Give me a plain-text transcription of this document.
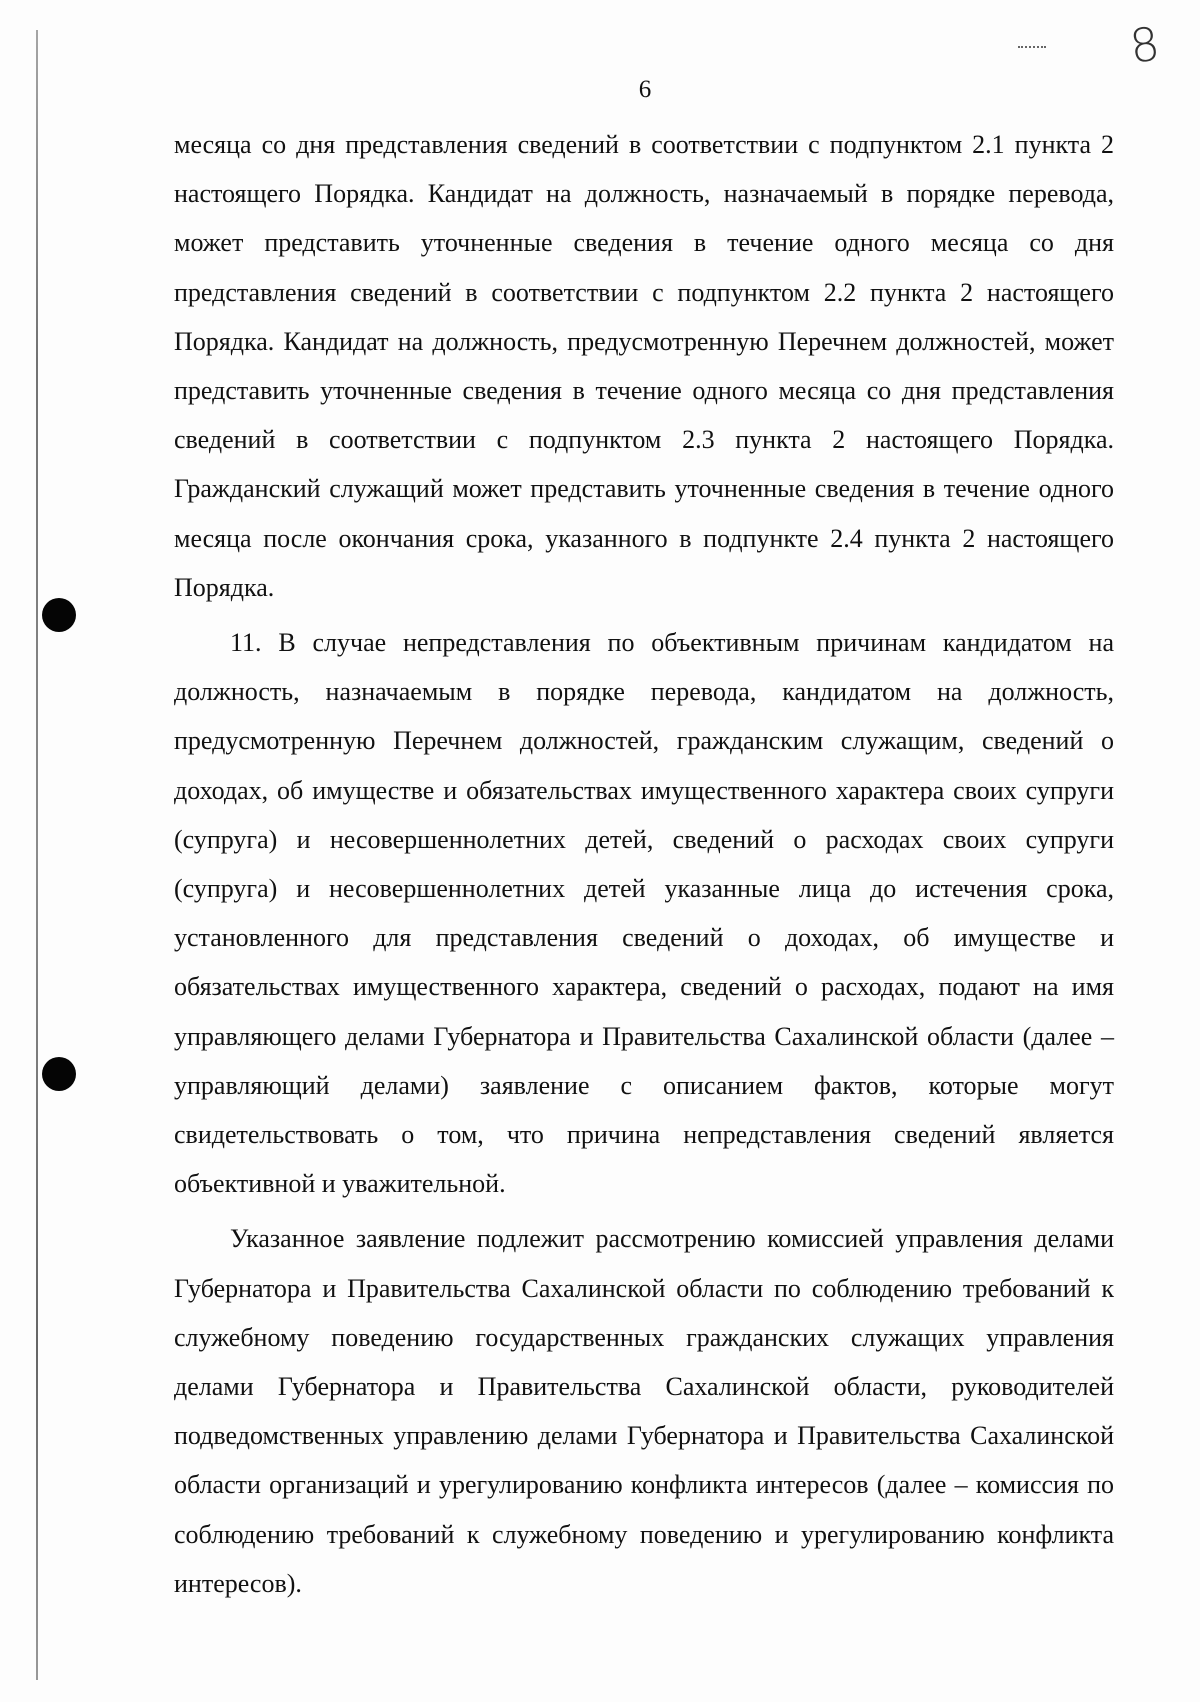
8
6

месяца со дня представления сведений в соответствии с подпунктом 2.1 пункта 2 настоящего Порядка. Кандидат на должность, назначаемый в порядке перевода, может представить уточненные сведения в течение одного месяца со дня представления сведений в соответствии с подпунктом 2.2 пункта 2 настоящего Порядка. Кандидат на должность, предусмотренную Перечнем должностей, может представить уточненные сведения в течение одного месяца со дня представления сведений в соответствии с подпунктом 2.3 пункта 2 настоящего Порядка. Гражданский служащий может представить уточненные сведения в течение одного месяца после окончания срока, указанного в подпункте 2.4 пункта 2 настоящего Порядка.

11. В случае непредставления по объективным причинам кандидатом на должность, назначаемым в порядке перевода, кандидатом на должность, предусмотренную Перечнем должностей, гражданским служащим, сведений о доходах, об имуществе и обязательствах имущественного характера своих супруги (супруга) и несовершеннолетних детей, сведений о расходах своих супруги (супруга) и несовершеннолетних детей указанные лица до истечения срока, установленного для представления сведений о доходах, об имуществе и обязательствах имущественного характера, сведений о расходах, подают на имя управляющего делами Губернатора и Правительства Сахалинской области (далее – управляющий делами) заявление с описанием фактов, которые могут свидетельствовать о том, что причина непредставления сведений является объективной и уважительной.

Указанное заявление подлежит рассмотрению комиссией управления делами Губернатора и Правительства Сахалинской области по соблюдению требований к служебному поведению государственных гражданских служащих управления делами Губернатора и Правительства Сахалинской области, руководителей подведомственных управлению делами Губернатора и Правительства Сахалинской области организаций и урегулированию конфликта интересов (далее – комиссия по соблюдению требований к служебному поведению и урегулированию конфликта интересов).
